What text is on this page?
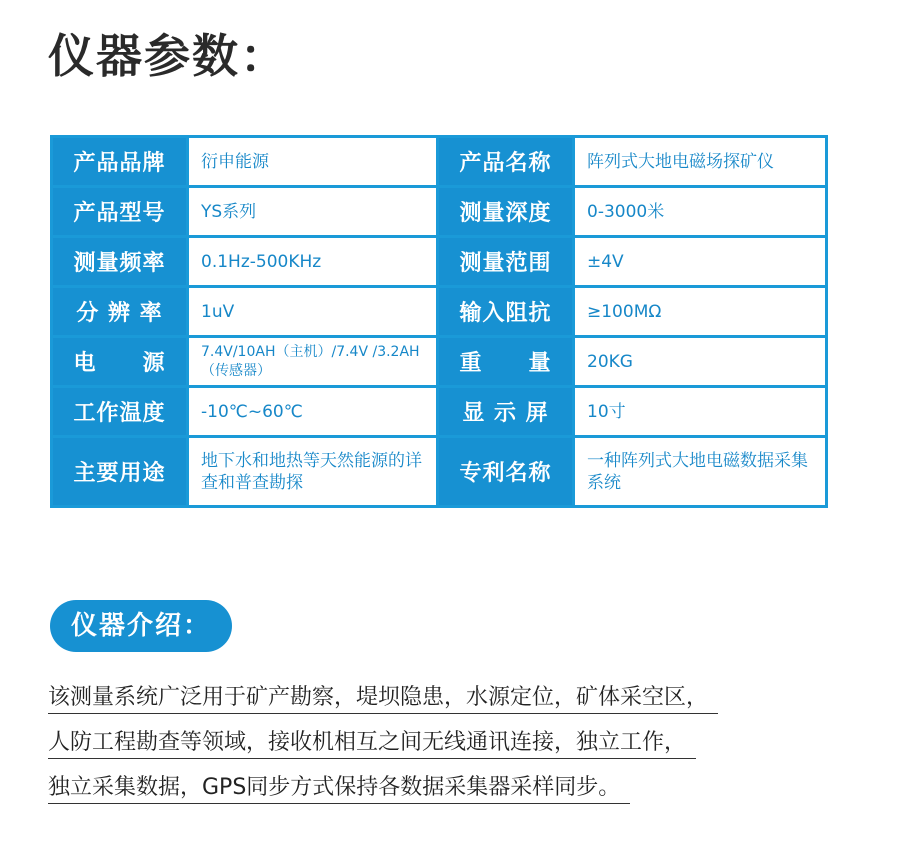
仪器参数：
产品品牌	衍申能源	产品名称	阵列式大地电磁场探矿仪
产品型号	YS系列	测量深度	0-3000米
测量频率	0.1Hz-500KHz	测量范围	±4V
分 辨 率	1uV	输入阻抗	≥100MΩ
电　　源	7.4V/10AH（主机）/7.4V /3.2AH（传感器）	重　　量	20KG
工作温度	-10℃~60℃	显 示 屏	10寸
主要用途	地下水和地热等天然能源的详查和普查勘探	专利名称	一种阵列式大地电磁数据采集系统
仪器介绍：
该测量系统广泛用于矿产勘察，堤坝隐患，水源定位，矿体采空区，
人防工程勘查等领域，接收机相互之间无线通讯连接，独立工作，
独立采集数据，GPS同步方式保持各数据采集器采样同步。
